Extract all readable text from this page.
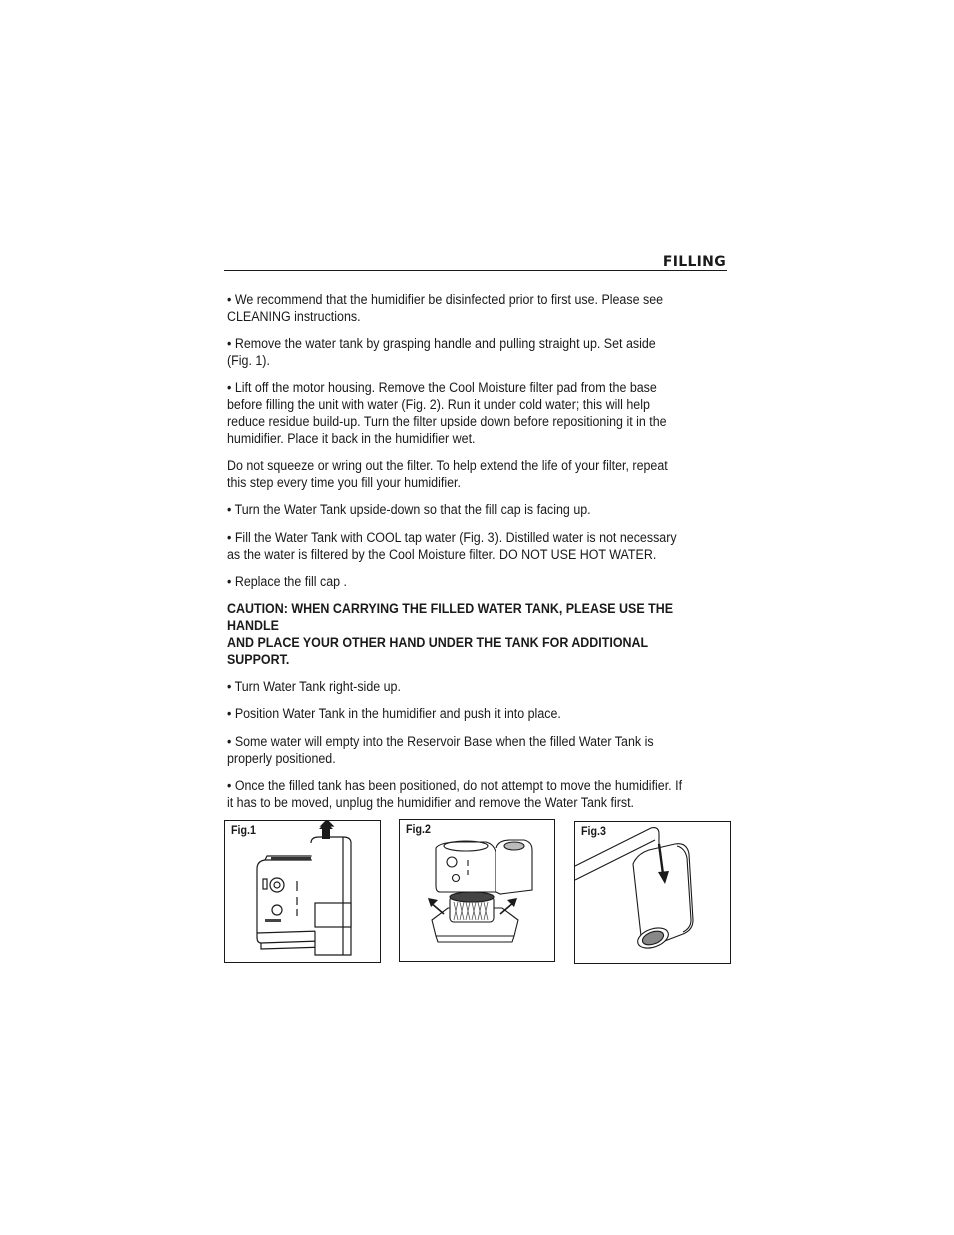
FILLING

• We recommend that the humidifier be disinfected prior to first use. Please see
CLEANING instructions.

• Remove the water tank by grasping handle and pulling straight up. Set aside
(Fig. 1).

• Lift off the motor housing. Remove the Cool Moisture filter pad from the base
before filling the unit with water (Fig. 2). Run it under cold water; this will help
reduce residue build-up. Turn the filter upside down before repositioning it in the
humidifier. Place it back in the humidifier wet.

Do not squeeze or wring out the filter. To help extend the life of your filter, repeat
this step every time you fill your humidifier.

• Turn the Water Tank upside-down so that the fill cap is facing up.

• Fill the Water Tank with COOL tap water (Fig. 3). Distilled water is not necessary
as the water is filtered by the Cool Moisture filter. DO NOT USE HOT WATER.

• Replace the fill cap .

CAUTION: WHEN CARRYING THE FILLED WATER TANK, PLEASE USE THE HANDLE
AND PLACE YOUR OTHER HAND UNDER THE TANK FOR ADDITIONAL SUPPORT.

• Turn Water Tank right-side up.

• Position Water Tank in the humidifier and push it into place.

• Some water will empty into the Reservoir Base when the filled Water Tank is
properly positioned.

• Once the filled tank has been positioned, do not attempt to move the humidifier. If
it has to be moved, unplug the humidifier and remove the Water Tank first.

Fig.1	Fig.2	Fig.3
